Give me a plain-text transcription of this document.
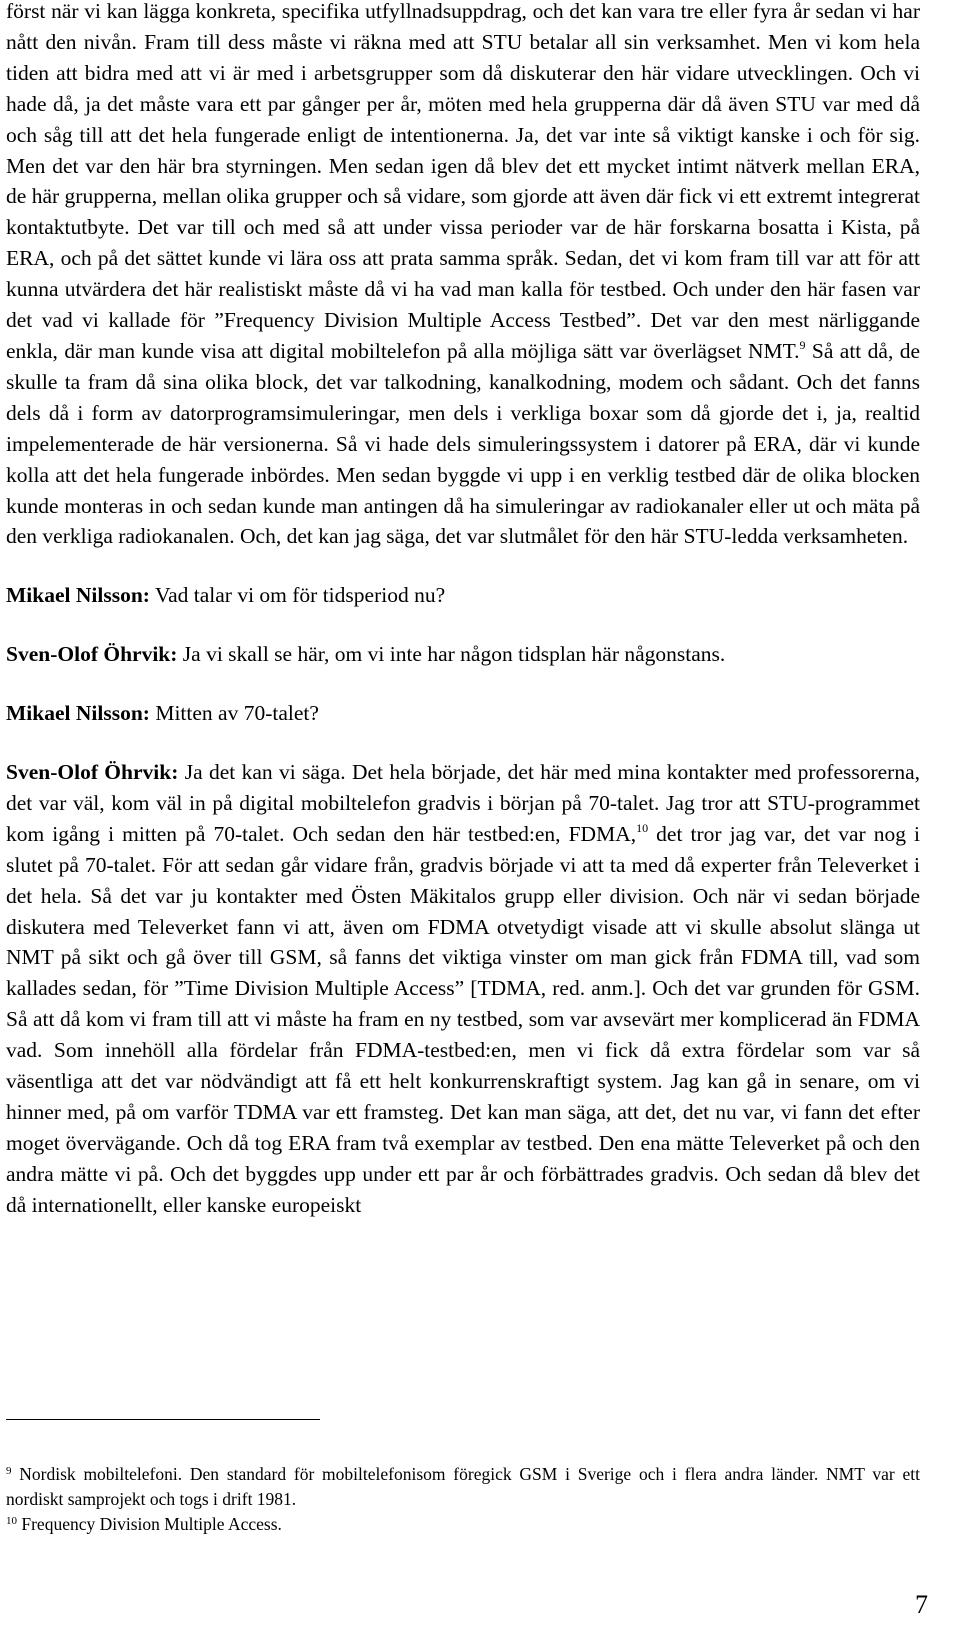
först när vi kan lägga konkreta, specifika utfyllnadsuppdrag, och det kan vara tre eller fyra år sedan vi har nått den nivån. Fram till dess måste vi räkna med att STU betalar all sin verksamhet. Men vi kom hela tiden att bidra med att vi är med i arbetsgrupper som då diskuterar den här vidare utvecklingen. Och vi hade då, ja det måste vara ett par gånger per år, möten med hela grupperna där då även STU var med då och såg till att det hela fungerade enligt de intentionerna. Ja, det var inte så viktigt kanske i och för sig. Men det var den här bra styrningen. Men sedan igen då blev det ett mycket intimt nätverk mellan ERA, de här grupperna, mellan olika grupper och så vidare, som gjorde att även där fick vi ett extremt integrerat kontaktutbyte. Det var till och med så att under vissa perioder var de här forskarna bosatta i Kista, på ERA, och på det sättet kunde vi lära oss att prata samma språk. Sedan, det vi kom fram till var att för att kunna utvärdera det här realistiskt måste då vi ha vad man kalla för testbed. Och under den här fasen var det vad vi kallade för ”Frequency Division Multiple Access Testbed”. Det var den mest närliggande enkla, där man kunde visa att digital mobiltelefon på alla möjliga sätt var överlägset NMT.$^9$ Så att då, de skulle ta fram då sina olika block, det var talkodning, kanalkodning, modem och sådant. Och det fanns dels då i form av datorprogramsimuleringar, men dels i verkliga boxar som då gjorde det i, ja, realtid impelementerade de här versionerna. Så vi hade dels simuleringssystem i datorer på ERA, där vi kunde kolla att det hela fungerade inbördes. Men sedan byggde vi upp i en verklig testbed där de olika blocken kunde monteras in och sedan kunde man antingen då ha simuleringar av radiokanaler eller ut och mäta på den verkliga radiokanalen. Och, det kan jag säga, det var slutmålet för den här STU-ledda verksamheten.

Mikael Nilsson: Vad talar vi om för tidsperiod nu?

Sven-Olof Öhrvik: Ja vi skall se här, om vi inte har någon tidsplan här någonstans.

Mikael Nilsson: Mitten av 70-talet?

Sven-Olof Öhrvik: Ja det kan vi säga. Det hela började, det här med mina kontakter med professorerna, det var väl, kom väl in på digital mobiltelefon gradvis i början på 70-talet. Jag tror att STU-programmet kom igång i mitten på 70-talet. Och sedan den här testbed:en, FDMA,$^{10}$ det tror jag var, det var nog i slutet på 70-talet. För att sedan går vidare från, gradvis började vi att ta med då experter från Televerket i det hela. Så det var ju kontakter med Östen Mäkitalos grupp eller division. Och när vi sedan började diskutera med Televerket fann vi att, även om FDMA otvetydigt visade att vi skulle absolut slänga ut NMT på sikt och gå över till GSM, så fanns det viktiga vinster om man gick från FDMA till, vad som kallades sedan, för ”Time Division Multiple Access” [TDMA, red. anm.]. Och det var grunden för GSM. Så att då kom vi fram till att vi måste ha fram en ny testbed, som var avsevärt mer komplicerad än FDMA vad. Som innehöll alla fördelar från FDMA-testbed:en, men vi fick då extra fördelar som var så väsentliga att det var nödvändigt att få ett helt konkurrenskraftigt system. Jag kan gå in senare, om vi hinner med, på om varför TDMA var ett framsteg. Det kan man säga, att det, det nu var, vi fann det efter moget övervägande. Och då tog ERA fram två exemplar av testbed. Den ena mätte Televerket på och den andra mätte vi på. Och det byggdes upp under ett par år och förbättrades gradvis. Och sedan då blev det då internationellt, eller kanske europeiskt

$^9$ Nordisk mobiltelefoni. Den standard för mobiltelefonisom föregick GSM i Sverige och i flera andra länder. NMT var ett nordiskt samprojekt och togs i drift 1981.

$^{10}$ Frequency Division Multiple Access.

7
